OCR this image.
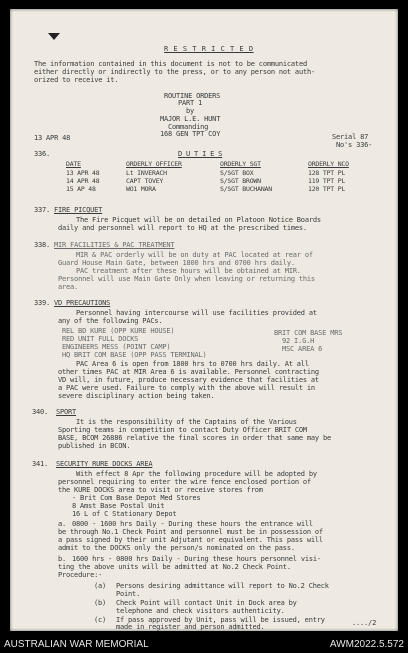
R E S T R I C T E D
The information contained in this document is not to be communicated
either directly or indirectly to the press, or to any person not auth-
orized to receive it.
ROUTINE ORDERS
PART 1
by
MAJOR L.E. HUNT
Commanding
168 GEN TPT COY
13 APR 48	Serial 87
No's 336-
336.	D U T I E S
DATE	ORDERLY OFFICER	ORDERLY SGT	ORDERLY NCO
13 APR 48	Lt INVERACH	S/SGT BOX	128 TPT PL
14 APR 48	CAPT TOVEY	S/SGT BROWN	119 TPT PL
15 AP 48	WO1 MORA	S/SGT BUCHANAN	120 TPT PL
337. FIRE PICQUET
The Fire Picquet will be on detailed on Platoon Notice Boards
daily and personnel will report to HQ at the prescribed times.
338. MIR FACILITIES & PAC TREATMENT
MIR & PAC orderly will be on duty at PAC located at rear of
Guard House Main Gate, between 1800 hrs and 0700 hrs daily.
PAC treatment after these hours will be obtained at MIR.
Personnel will use Main Gate Only when leaving or returning this
area.
339. VD PRECAUTIONS
Personnel having intercourse will use facilities provided at
any of the following PACs.
REL BD KURE (OPP KURE HOUSE)
RED UNIT FULL DOCKS
ENGINEERS MESS (POINT CAMP)
HQ BRIT COM BASE (OPP PASS TERMINAL)
BRIT COM BASE MRS
92 I.G.H
MSC AREA 6
PAC Area 6 is open from 1800 hrs to 0700 hrs daily. At all
other times PAC at MIR Area 6 is available. Personnel contracting
VD will, in future, produce necessary evidence that facilities at
a PAC were used. Failure to comply with the above will result in
severe disciplinary action being taken.
340. SPORT
It is the responsibility of the Captains of the Various
Sporting teams in competition to contact Duty Officer BRIT COM
BASE, BCOM 26886 relative the final scores in order that same may be
published in BCON.
341. SECURITY RURE DOCKS AREA
With effect 8 Apr the following procedure will be adopted by
personnel requiring to enter the wire fence enclosed portion of
the KURE DOCKS area to visit or receive stores from
- Brit Com Base Depot Med Stores
8 Amst Base Postal Unit
16 L of C Stationary Depot
a. 0800 - 1600 hrs Daily - During these hours the entrance will
be through No.1 Check Point and personnel must be in possession of
a pass signed by their unit Adjutant or equivalent. This pass will
admit to the DOCKS only the person/s nominated on the pass.
b. 1600 hrs - 0800 hrs Daily - During these hours personnel visi-
ting the above units will be admitted at No.2 Check Point.
Procedure:-
(a) Persons desiring admittance will report to No.2 Check
Point.
(b) Check Point will contact Unit in Dock area by
telephone and check visitors authenticity.
(c) If pass approved by Unit, pass will be issued, entry
made in register and person admitted.	..../2
AUSTRALIAN WAR MEMORIAL	AWM2022.5.572
